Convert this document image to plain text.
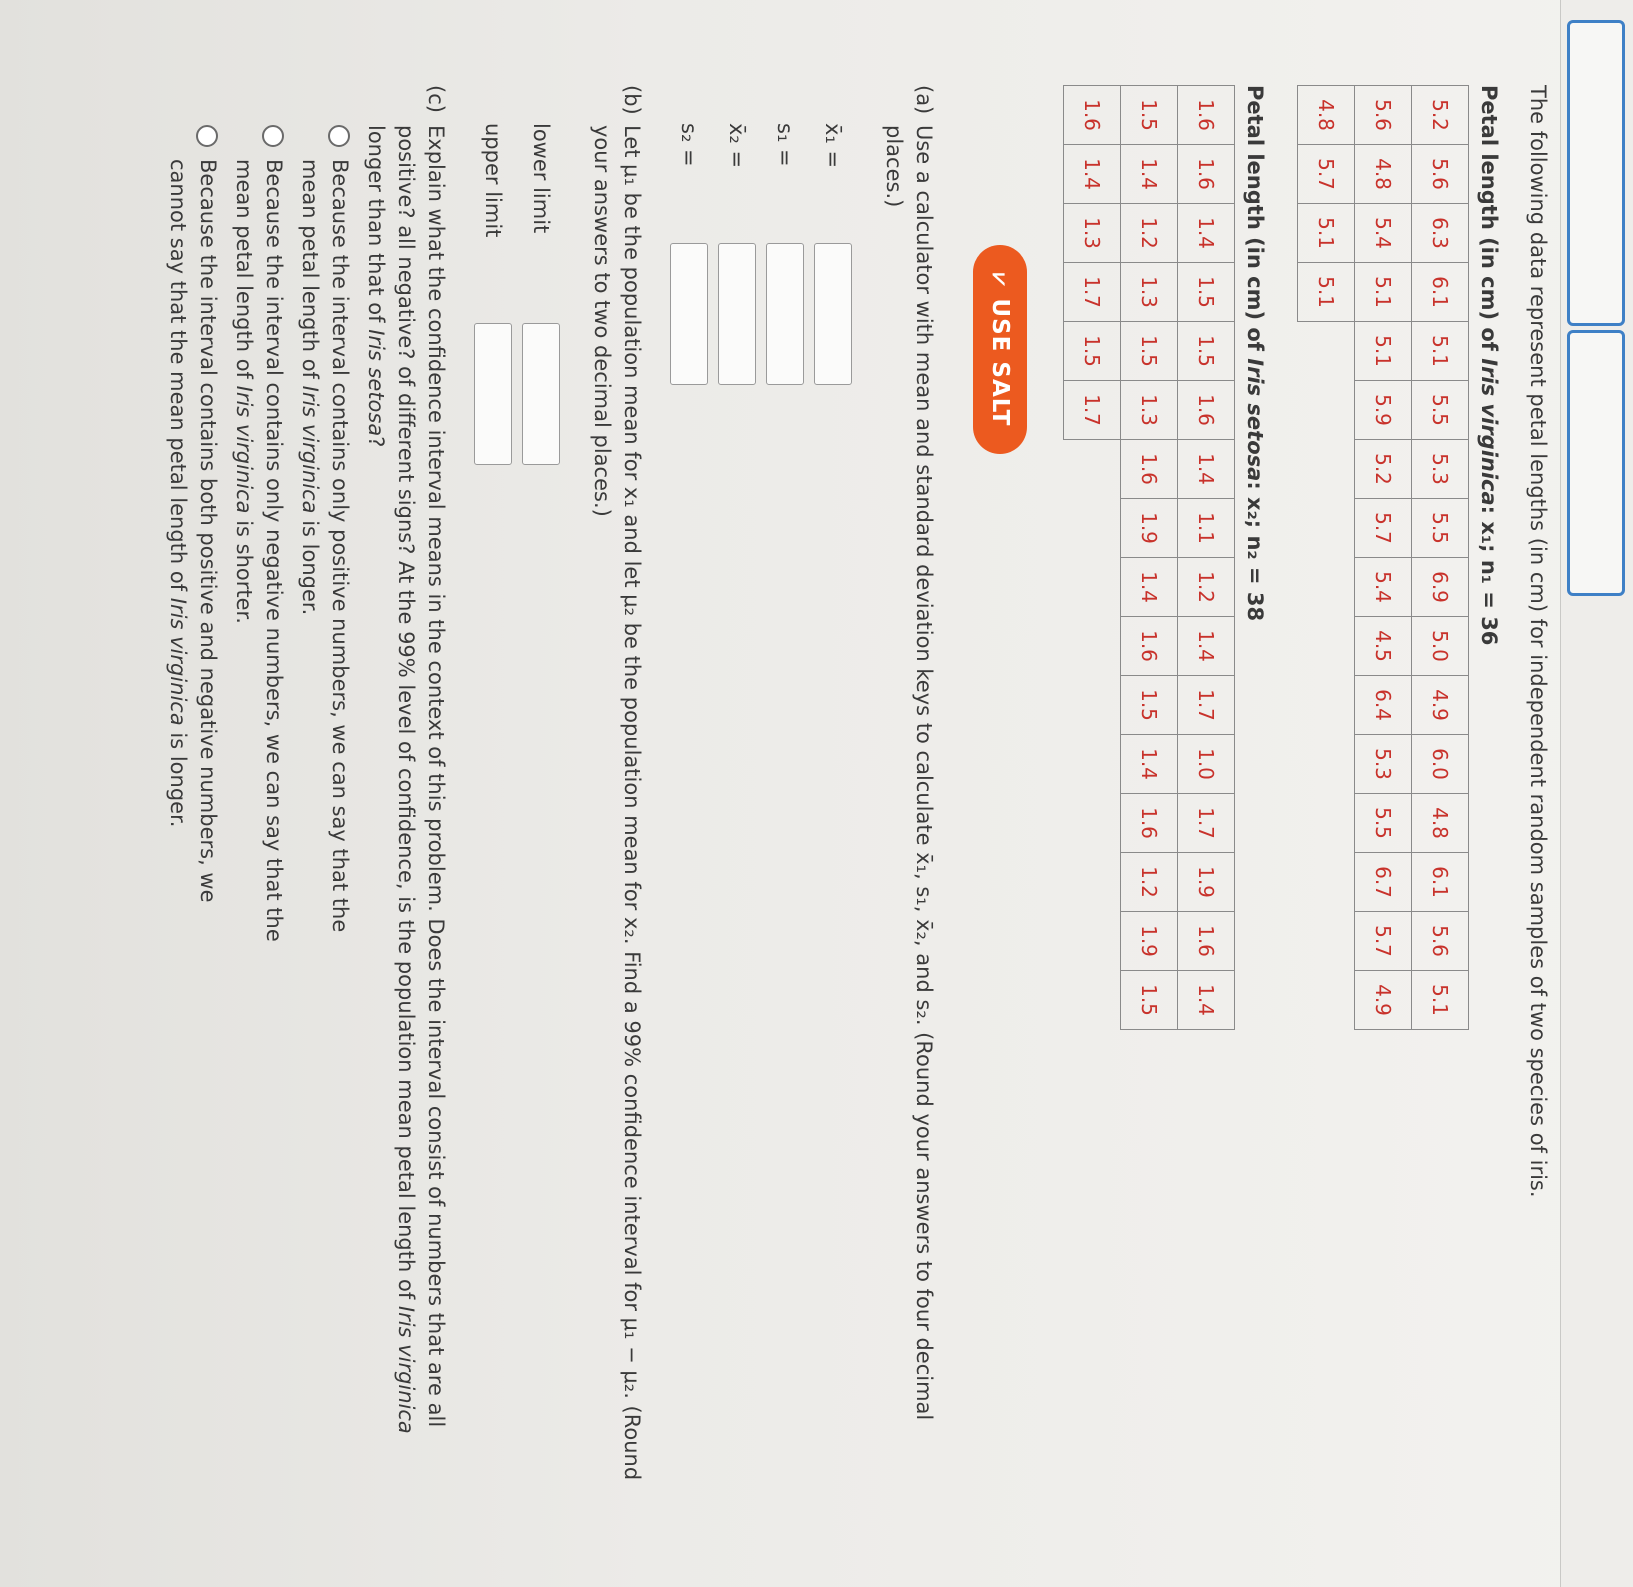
The following data represent petal lengths (in cm) for independent random samples of two species of iris.

Petal length (in cm) of Iris virginica: x₁; n₁ = 36
5.2	5.6	6.3	6.1	5.1	5.5	5.3	5.5	6.9	5.0	4.9	6.0	4.8	6.1	5.6	5.1
5.6	4.8	5.4	5.1	5.1	5.9	5.2	5.7	5.4	4.5	6.4	5.3	5.5	6.7	5.7	4.9
4.8	5.7	5.1	5.1												
Petal length (in cm) of Iris setosa: x₂; n₂ = 38
1.6	1.6	1.4	1.5	1.5	1.6	1.4	1.1	1.2	1.4	1.7	1.0	1.7	1.9	1.6	1.4
1.5	1.4	1.2	1.3	1.5	1.3	1.6	1.9	1.4	1.6	1.5	1.4	1.6	1.2	1.9	1.5
1.6	1.4	1.3	1.7	1.5	1.7										
⩗
USE SALT
(a)
Use a calculator with mean and standard deviation keys to calculate x̄₁, s₁, x̄₂, and s₂. (Round your answers to four decimal places.)
x̄₁ =
s₁ =
x̄₂ =
s₂ =
(b)
Let μ₁ be the population mean for x₁ and let μ₂ be the population mean for x₂. Find a 99% confidence interval for μ₁ − μ₂. (Round your answers to two decimal places.)
lower limit
upper limit
(c)
Explain what the confidence interval means in the context of this problem. Does the interval consist of numbers that are all positive? all negative? of different signs? At the 99% level of confidence, is the population mean petal length of Iris virginica longer than that of Iris setosa?
Because the interval contains only positive numbers, we can say that the mean petal length of Iris virginica is longer.
Because the interval contains only negative numbers, we can say that the mean petal length of Iris virginica is shorter.
Because the interval contains both positive and negative numbers, we cannot say that the mean petal length of Iris virginica is longer.
